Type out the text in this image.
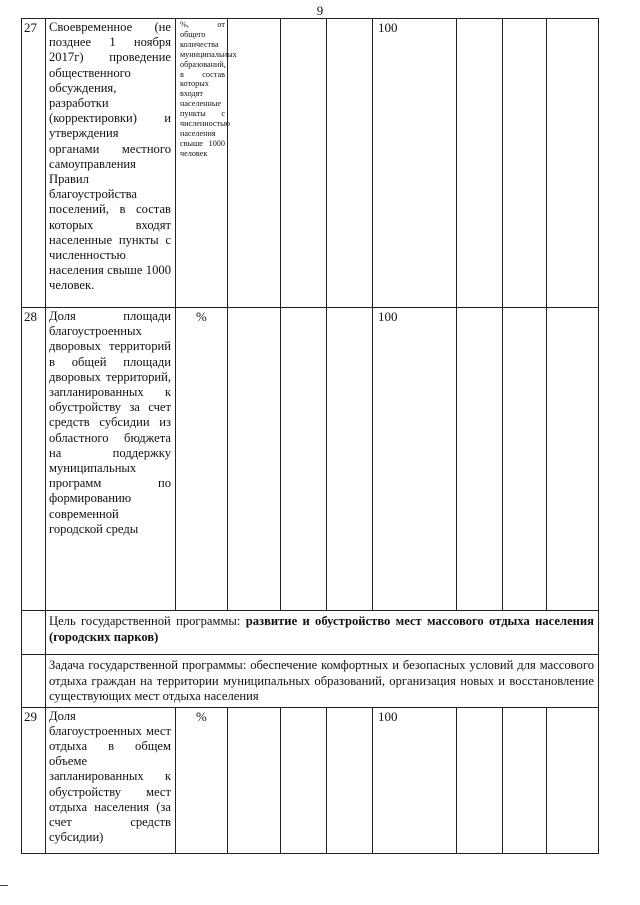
9
27	Своевременное (не позднее 1 ноября 2017г) проведение общественного обсуждения, разработки (корректировки) и утверждения органами местного самоуправления Правил благоустройства поселений, в состав которых входят населенные пункты с численностью населения свыше 1000 человек.	%, от общего количества муниципальных образований, в состав которых входят населенные пункты с численностью населения свыше 1000 человек				100			
28	Доля площади благоустроенных дворовых территорий в общей площади дворовых территорий, запланированных к обустройству за счет средств субсидии из областного бюджета на поддержку муниципальных программ по формированию современной городской среды	%				100			
	Цель государственной программы: развитие и обустройство мест массового отдыха населения (городских парков)								
	Задача государственной программы: обеспечение комфортных и безопасных условий для массового отдыха граждан на территории муниципальных образований, организация новых и восстановление существующих мест отдыха населения								
29	Доля благоустроенных мест отдыха в общем объеме запланированных к обустройству мест отдыха населения (за счет средств субсидии)	%				100			
